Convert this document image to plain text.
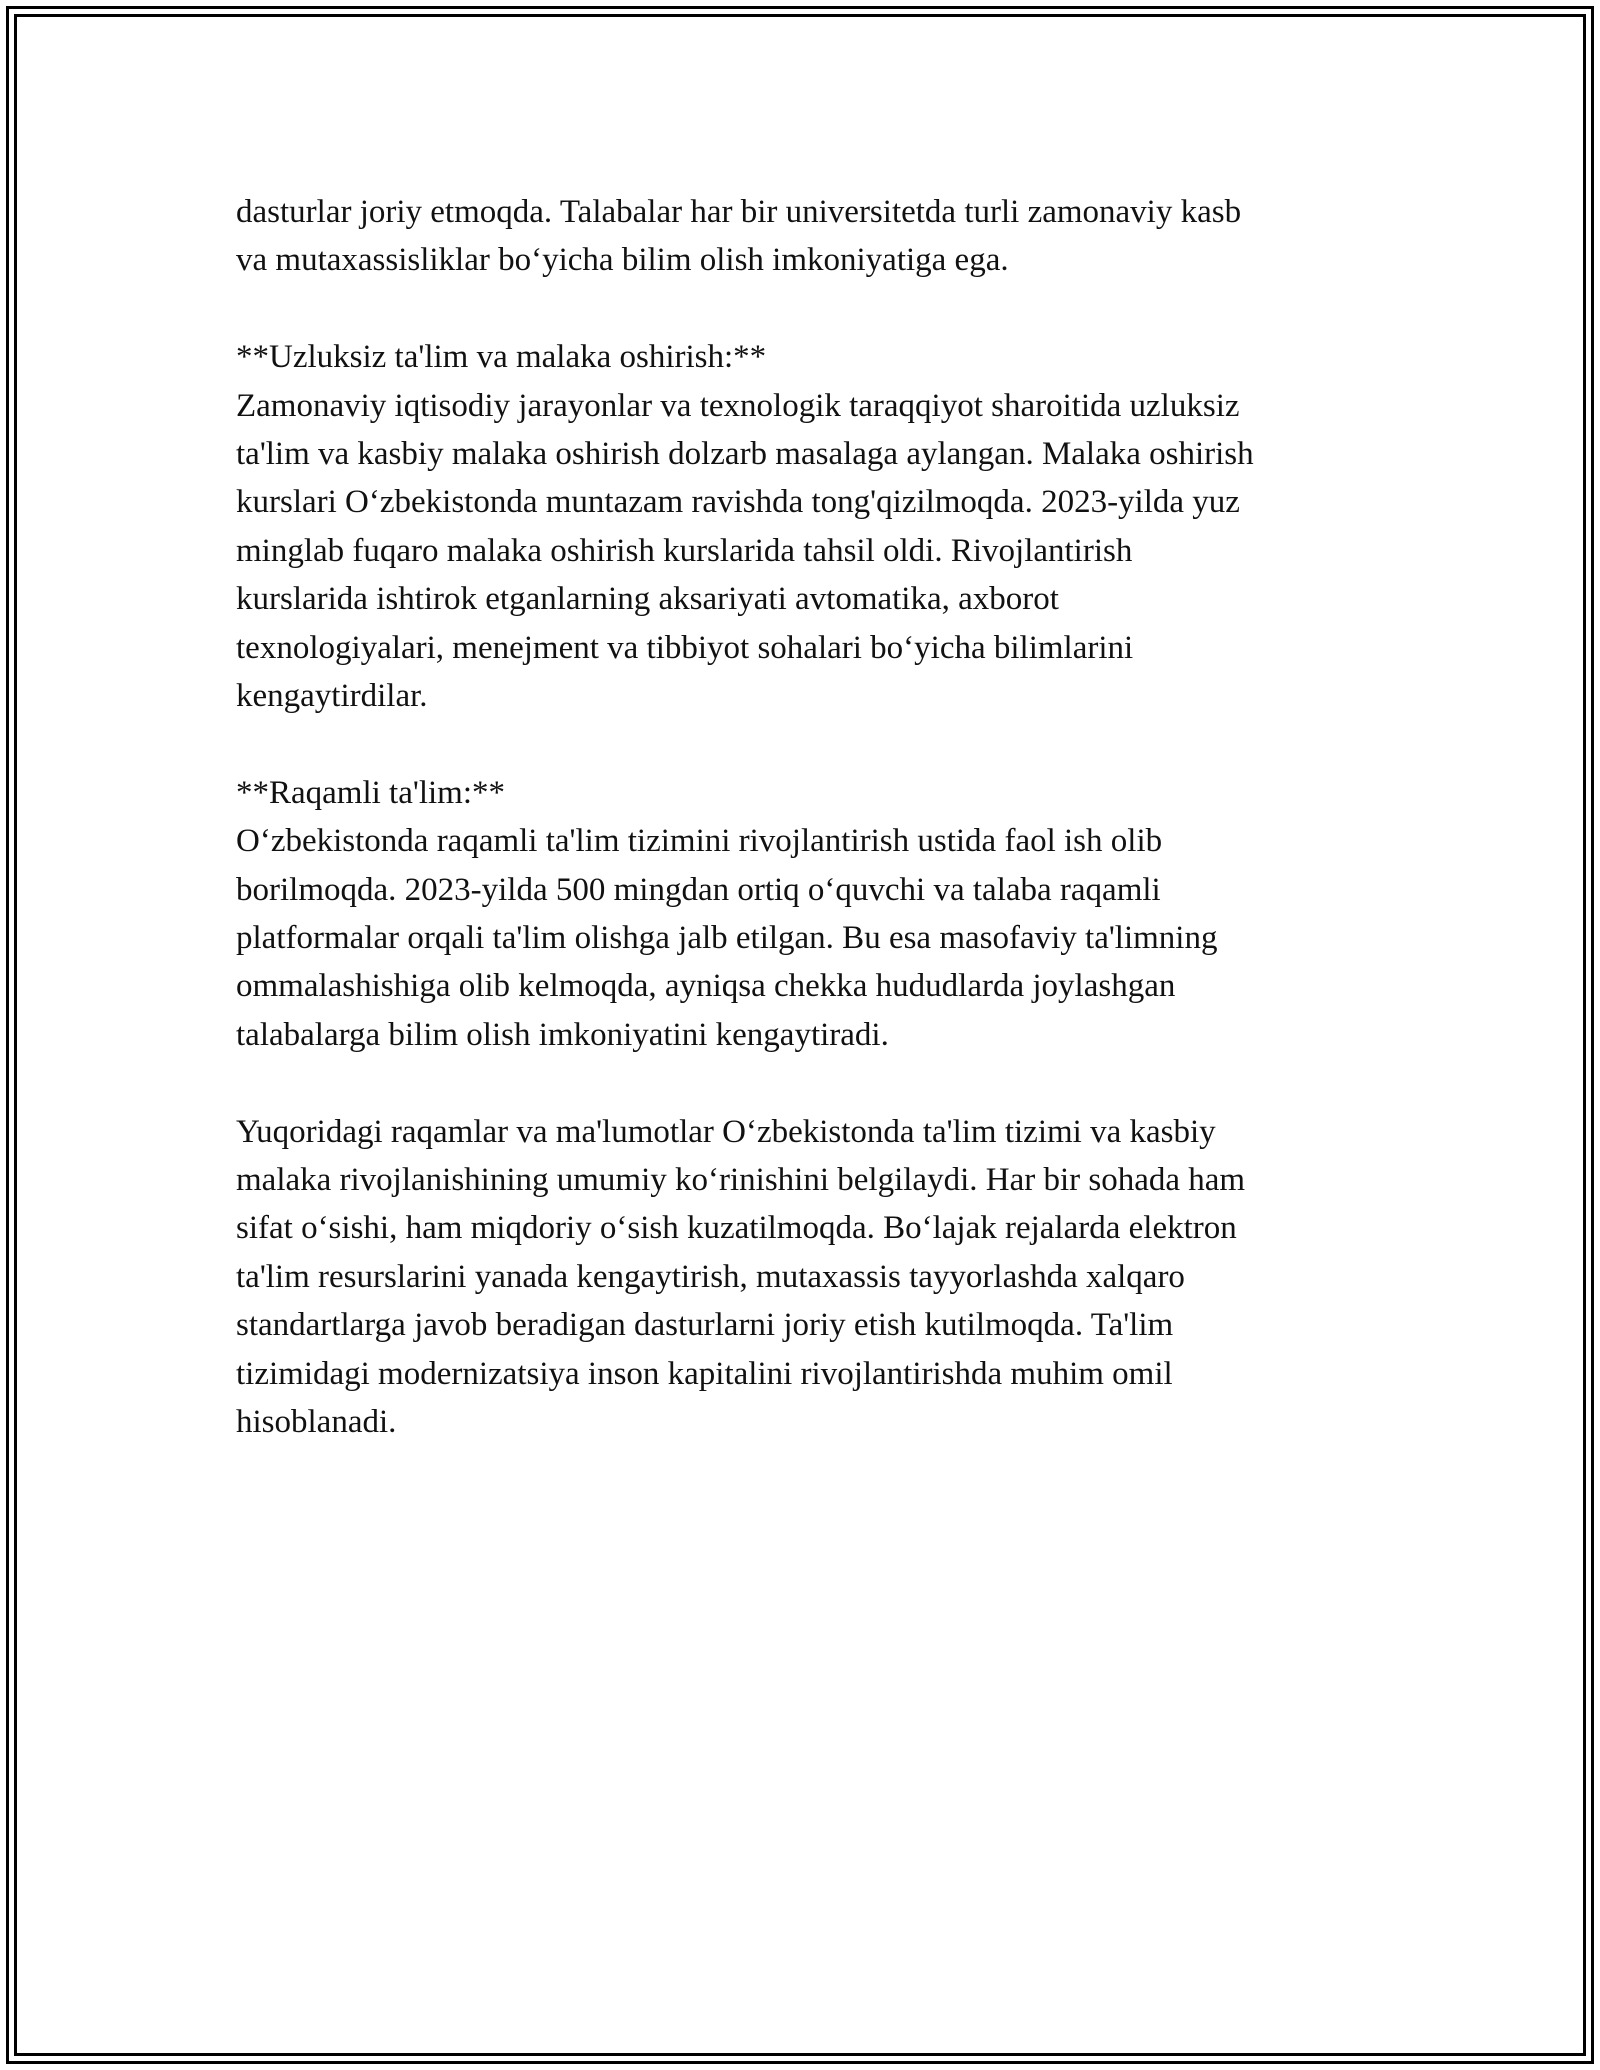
dasturlar joriy etmoqda. Talabalar har bir universitetda turli zamonaviy kasb
va mutaxassisliklar bo‘yicha bilim olish imkoniyatiga ega.

**Uzluksiz ta'lim va malaka oshirish:**

Zamonaviy iqtisodiy jarayonlar va texnologik taraqqiyot sharoitida uzluksiz
ta'lim va kasbiy malaka oshirish dolzarb masalaga aylangan. Malaka oshirish
kurslari O‘zbekistonda muntazam ravishda tong'qizilmoqda. 2023-yilda yuz
minglab fuqaro malaka oshirish kurslarida tahsil oldi. Rivojlantirish
kurslarida ishtirok etganlarning aksariyati avtomatika, axborot
texnologiyalari, menejment va tibbiyot sohalari bo‘yicha bilimlarini
kengaytirdilar.

**Raqamli ta'lim:**

O‘zbekistonda raqamli ta'lim tizimini rivojlantirish ustida faol ish olib
borilmoqda. 2023-yilda 500 mingdan ortiq o‘quvchi va talaba raqamli
platformalar orqali ta'lim olishga jalb etilgan. Bu esa masofaviy ta'limning
ommalashishiga olib kelmoqda, ayniqsa chekka hududlarda joylashgan
talabalarga bilim olish imkoniyatini kengaytiradi.

Yuqoridagi raqamlar va ma'lumotlar O‘zbekistonda ta'lim tizimi va kasbiy
malaka rivojlanishining umumiy ko‘rinishini belgilaydi. Har bir sohada ham
sifat o‘sishi, ham miqdoriy o‘sish kuzatilmoqda. Bo‘lajak rejalarda elektron
ta'lim resurslarini yanada kengaytirish, mutaxassis tayyorlashda xalqaro
standartlarga javob beradigan dasturlarni joriy etish kutilmoqda. Ta'lim
tizimidagi modernizatsiya inson kapitalini rivojlantirishda muhim omil
hisoblanadi.
